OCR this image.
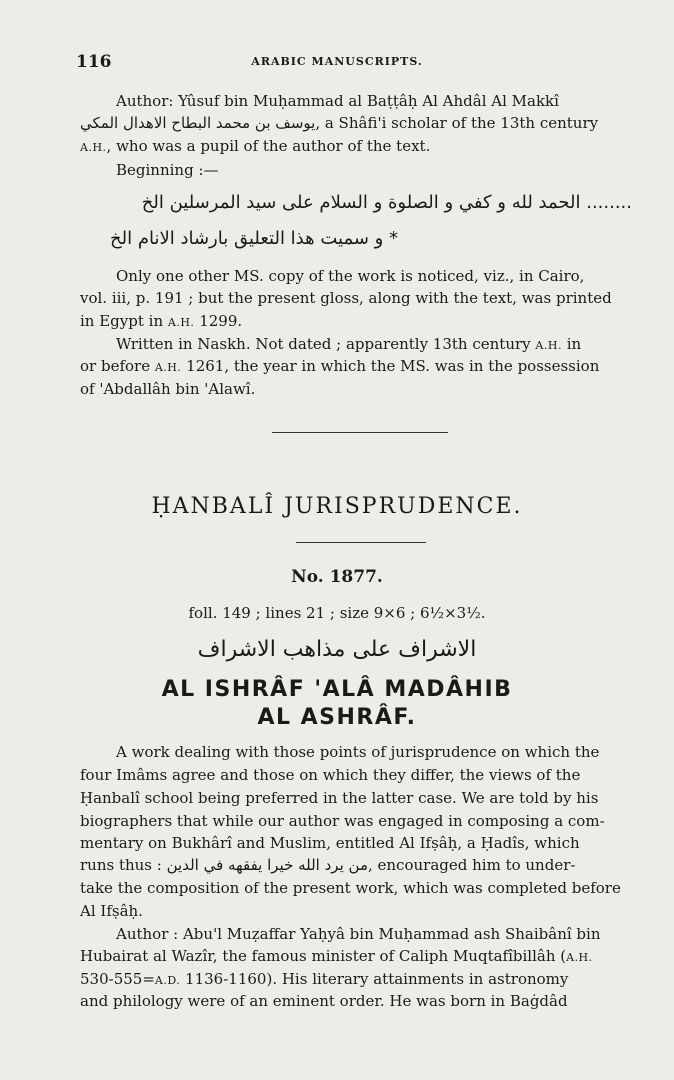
116	ARABIC MANUSCRIPTS.
Author: Yûsuf bin Muḥammad al Baṭṭâḥ Al Ahdâl Al Makkî
يوسف بن محمد البطاح الاهدال المكي, a Shâfi'i scholar of the 13th century
A.H., who was a pupil of the author of the text.
Beginning :—
الحمد لله و كفي و الصلوة و السلام على سيد المرسلين الخ ........
و سميت هذا التعليق بارشاد الانام الخ *
Only one other MS. copy of the work is noticed, viz., in Cairo,
vol. iii, p. 191 ; but the present gloss, along with the text, was printed
in Egypt in A.H. 1299.
Written in Naskh. Not dated ; apparently 13th century A.H. in
or before A.H. 1261, the year in which the MS. was in the possession
of 'Abdallâh bin 'Alawî.
ḤANBALÎ JURISPRUDENCE.
No. 1877.
foll. 149 ; lines 21 ; size 9×6 ; 6½×3½.
الاشراف على مذاهب الاشراف
AL ISHRÂF 'ALÂ MADÂHIB
AL ASHRÂF.
A work dealing with those points of jurisprudence on which the
four Imâms agree and those on which they differ, the views of the
Ḥanbalî school being preferred in the latter case. We are told by his
biographers that while our author was engaged in composing a com-
mentary on Bukhârî and Muslim, entitled Al Ifṣâḥ, a Ḥadîs, which
runs thus : من يرد الله خيرا يفقهه في الدين, encouraged him to under-
take the composition of the present work, which was completed before
Al Ifṣâḥ.
Author : Abu'l Muẓaffar Yaḥyâ bin Muḥammad ash Shaibânî bin
Hubairat al Wazîr, the famous minister of Caliph Muqtafîbillâh (A.H.
530-555=A.D. 1136-1160). His literary attainments in astronomy
and philology were of an eminent order. He was born in Baġdâd
